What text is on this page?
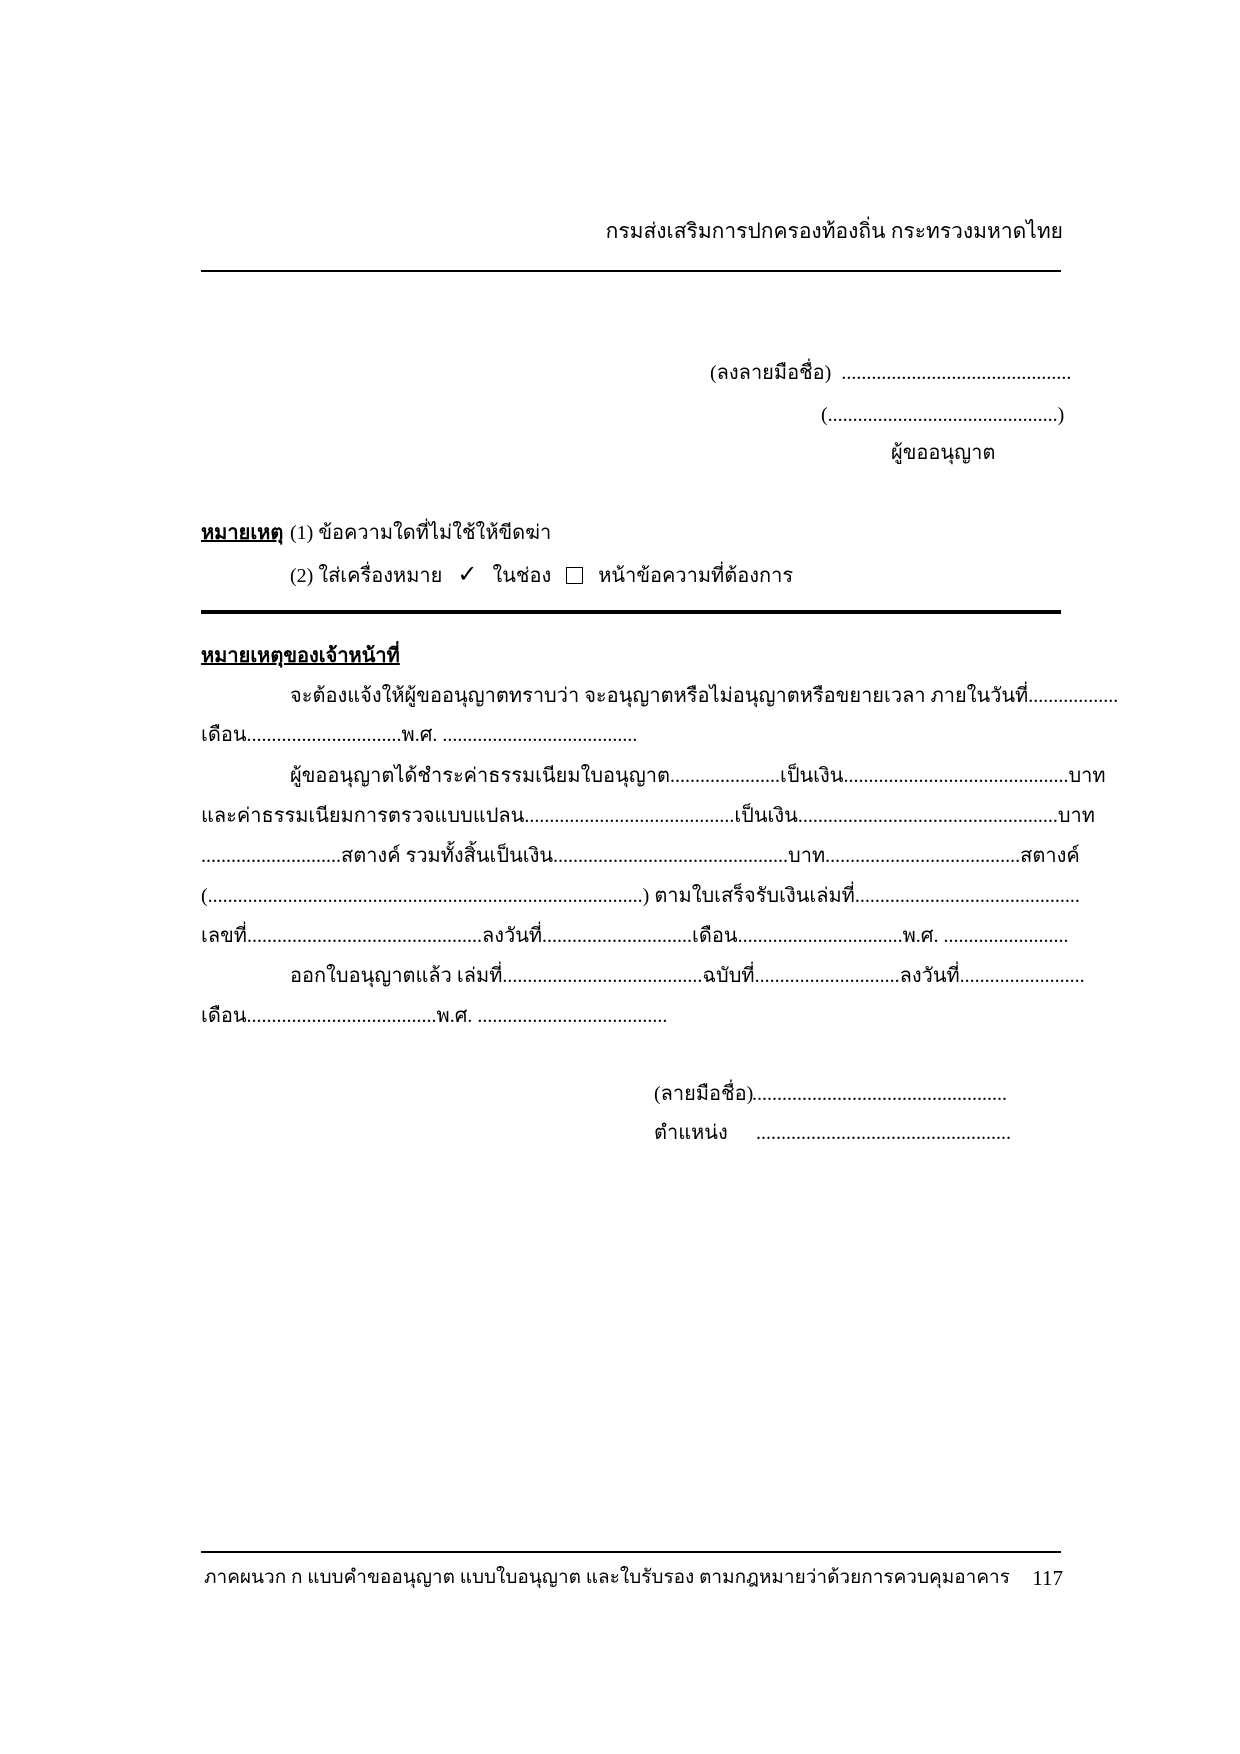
กรมส่งเสริมการปกครองท้องถิ่น กระทรวงมหาดไทย
(ลงลายมือชื่อ) ..............................................
(..............................................)
ผู้ขออนุญาต
หมายเหตุ (1) ข้อความใดที่ไม่ใช้ให้ขีดฆ่า
(2) ใส่เครื่องหมาย ✓ ในช่อง หน้าข้อความที่ต้องการ
หมายเหตุของเจ้าหน้าที่
จะต้องแจ้งให้ผู้ขออนุญาตทราบว่า จะอนุญาตหรือไม่อนุญาตหรือขยายเวลา ภายในวันที่..................
เดือน...............................พ.ศ. .......................................
ผู้ขออนุญาตได้ชำระค่าธรรมเนียมใบอนุญาต......................เป็นเงิน.............................................บาท
และค่าธรรมเนียมการตรวจแบบแปลน..........................................เป็นเงิน....................................................บาท
............................สตางค์ รวมทั้งสิ้นเป็นเงิน...............................................บาท.......................................สตางค์
(.......................................................................................) ตามใบเสร็จรับเงินเล่มที่.............................................
เลขที่...............................................ลงวันที่..............................เดือน.................................พ.ศ. .........................
ออกใบอนุญาตแล้ว เล่มที่........................................ฉบับที่.............................ลงวันที่.........................
เดือน......................................พ.ศ. ......................................
(ลายมือชื่อ)
...................................................
ตำแหน่ง ...................................................
ภาคผนวก ก แบบคำขออนุญาต แบบใบอนุญาต และใบรับรอง ตามกฎหมายว่าด้วยการควบคุมอาคาร 117
